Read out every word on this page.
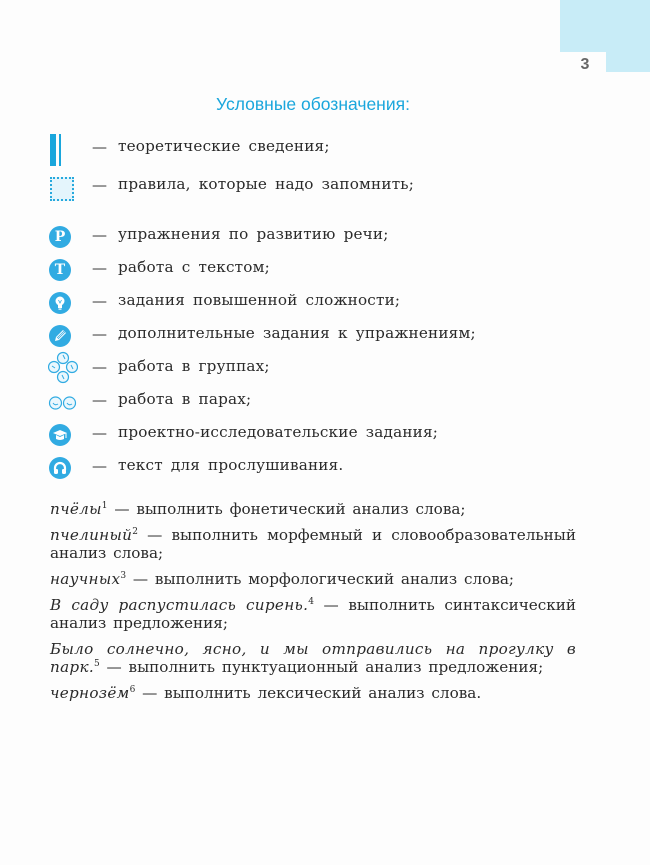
3
Условные обозначения:
— теоретические сведения;
— правила, которые надо запомнить;
Р	— упражнения по развитию речи;
Т	— работа с текстом;
— задания повышенной сложности;
— дополнительные задания к упражнениям;
— работа в группах;
— работа в парах;
— проектно-исследовательские задания;
— текст для прослушивания.
пчёлы$^1$ — выполнить фонетический анализ слова;
пчелиный$^2$ — выполнить морфемный и словообразовательный анализ слова;
научных$^3$ — выполнить морфологический анализ слова;
В саду распустилась сирень.$^4$ — выполнить синтаксический анализ предложения;
Было солнечно, ясно, и мы отправились на прогулку в парк.$^5$ — выполнить пунктуационный анализ предложения;
чернозём$^6$ — выполнить лексический анализ слова.
